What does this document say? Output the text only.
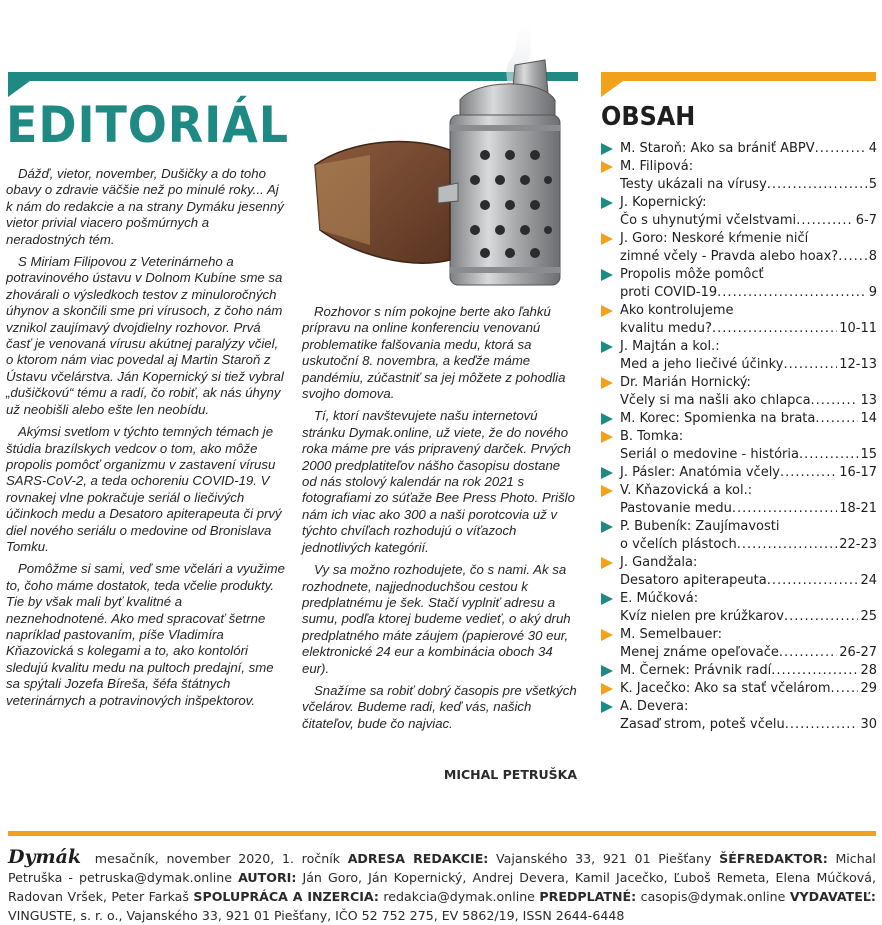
EDITORIÁL

Dážď, vietor, november, Dušičky a do toho obavy o zdravie väčšie než po minulé roky... Aj k nám do redakcie a na strany Dymáku jesenný vietor privial viacero pošmúrnych a neradostných tém.

S Miriam Filipovou z Veterinárneho a potravinového ústavu v Dolnom Kubíne sme sa zhovárali o výsledkoch testov z minuloročných úhynov a skončili sme pri vírusoch, z čoho nám vznikol zaujímavý dvojdielny rozhovor. Prvá časť je venovaná vírusu akútnej paralýzy včiel, o ktorom nám viac povedal aj Martin Staroň z Ústavu včelárstva. Ján Kopernický si tiež vybral „dušičkovú“ tému a radí, čo robiť, ak nás úhyny už neobišli alebo ešte len neobídu.

Akýmsi svetlom v týchto temných témach je štúdia brazílskych vedcov o tom, ako môže propolis pomôcť organizmu v zastavení vírusu SARS-CoV-2, a teda ochoreniu COVID-19. V rovnakej vlne pokračuje seriál o liečivých účinkoch medu a Desatoro apiterapeuta či prvý diel nového seriálu o medovine od Bronislava Tomku.

Pomôžme si sami, veď sme včelári a využime to, čoho máme dostatok, teda včelie produkty. Tie by však mali byť kvalitné a neznehodnotené. Ako med spracovať šetrne napríklad pastovaním, píše Vladimíra Kňazovická s kolegami a to, ako kontolóri sledujú kvalitu medu na pultoch predajní, sme sa spýtali Jozefa Bíreša, šéfa štátnych veterinárnych a potravinových inšpektorov.

Rozhovor s ním pokojne berte ako ľahkú prípravu na online konferenciu venovanú problematike falšovania medu, ktorá sa uskutoční 8. novembra, a keďže máme pandémiu, zúčastniť sa jej môžete z pohodlia svojho domova.

Tí, ktorí navštevujete našu internetovú stránku Dymak.online, už viete, že do nového roka máme pre vás pripravený darček. Prvých 2000 predplatiteľov nášho časopisu dostane od nás stolový kalendár na rok 2021 s fotografiami zo súťaže Bee Press Photo. Prišlo nám ich viac ako 300 a naši porotcovia už v týchto chvíľach rozhodujú o víťazoch jednotlivých kategórií.

Vy sa možno rozhodujete, čo s nami. Ak sa rozhodnete, najjednoduchšou cestou k predplatnému je šek. Stačí vyplniť adresu a sumu, podľa ktorej budeme vedieť, o aký druh predplatného máte záujem (papierové 30 eur, elektronické 24 eur a kombinácia oboch 34 eur).

Snažíme sa robiť dobrý časopis pre všetkých včelárov. Budeme radi, keď vás, našich čitateľov, bude čo najviac.

MICHAL PETRUŠKA
OBSAH
M. Staroň: Ako sa brániť ABPV .....	4
M. Filipová:
Testy ukázali na vírusy .....	5
J. Kopernický:
Čo s uhynutými včelstvami .....	6-7
J. Goro: Neskoré kŕmenie ničí
zimné včely - Pravda alebo hoax? ..... 8
Propolis môže pomôcť
proti COVID-19 .....	9
Ako kontrolujeme
kvalitu medu? .....	10-11
J. Majtán a kol.:
Med a jeho liečivé účinky .....	12-13
Dr. Marián Hornický:
Včely si ma našli ako chlapca .....	13
M. Korec: Spomienka na brata .....	14
B. Tomka:
Seriál o medovine - história .....	15
J. Pásler: Anatómia včely .....	16-17
V. Kňazovická a kol.:
Pastovanie medu .....	18-21
P. Bubeník: Zaujímavosti
o včelích plástoch .....	22-23
J. Gandžala:
Desatoro apiterapeuta .....	24
E. Múčková:
Kvíz nielen pre krúžkarov .....	25
M. Semelbauer:
Menej známe opeľovače .....	26-27
M. Černek: Právnik radí .....	28
K. Jacečko: Ako sa stať včelárom ..... 29
A. Devera:
Zasaď strom, poteš včelu .....	30
Dymák mesačník, november 2020, 1. ročník ADRESA REDAKCIE: Vajanského 33, 921 01 Piešťany ŠÉFREDAKTOR: Michal Petruška - petruska@dymak.online AUTORI: Ján Goro, Ján Kopernický, Andrej Devera, Kamil Jacečko, Ľuboš Remeta, Elena Múčková, Radovan Vršek, Peter Farkaš SPOLUPRÁCA A INZERCIA: redakcia@dymak.online PREDPLATNÉ: casopis@dymak.online VYDAVATEĽ: VINGUSTE, s. r. o., Vajanského 33, 921 01 Piešťany, IČO 52 752 275, EV 5862/19, ISSN 2644-6448
